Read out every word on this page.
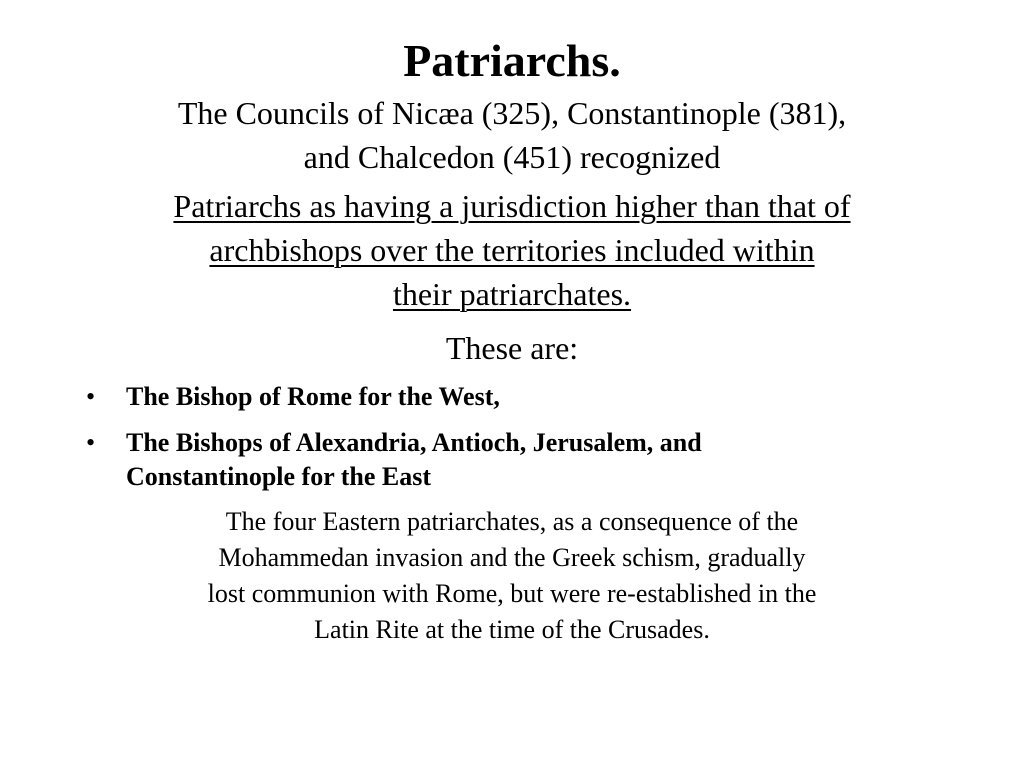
Patriarchs.
The Councils of Nicæa (325), Constantinople (381),
and Chalcedon (451) recognized
Patriarchs as having a jurisdiction higher than that of
archbishops over the territories included within
their patriarchates.
These are:
• The Bishop of Rome for the West,
• The Bishops of Alexandria, Antioch, Jerusalem, and
Constantinople for the East
The four Eastern patriarchates, as a consequence of the
Mohammedan invasion and the Greek schism, gradually
lost communion with Rome, but were re-established in the
Latin Rite at the time of the Crusades.
